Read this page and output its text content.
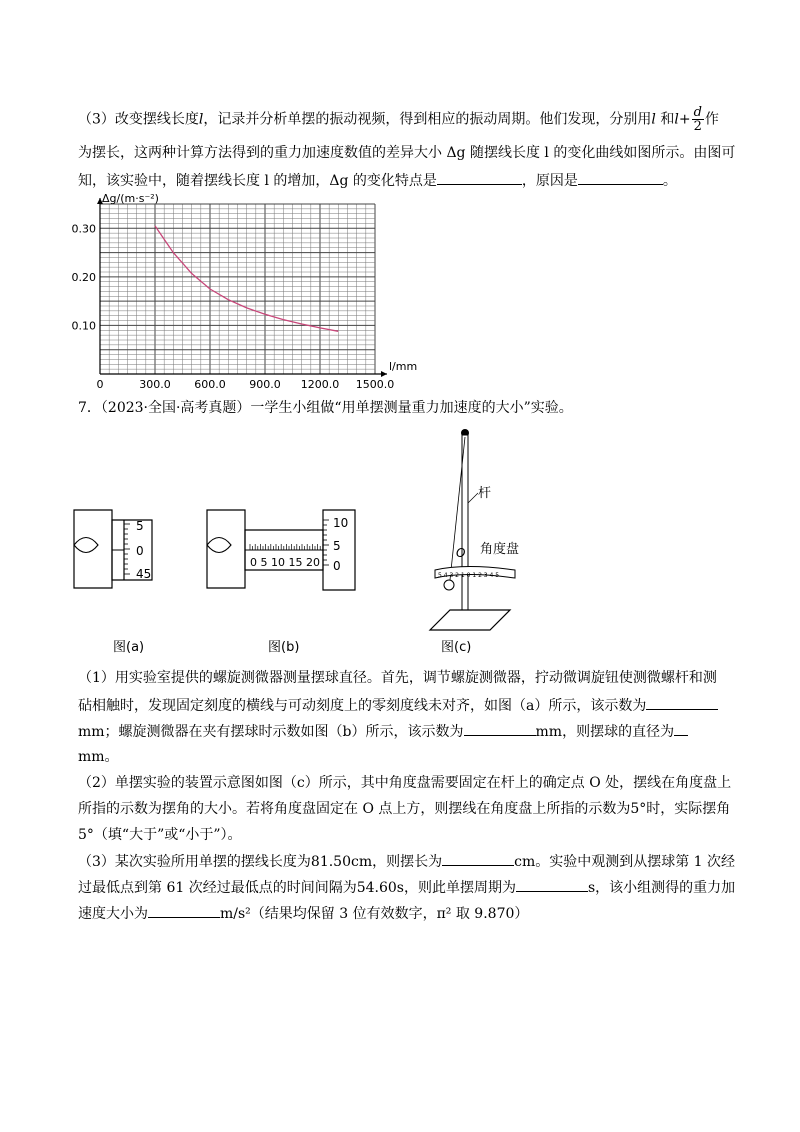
（3）改变摆线长度l，记录并分析单摆的振动视频，得到相应的振动周期。他们发现，分别用l 和$l+ \frac{d}{2}$ 作
为摆长，这两种计算方法得到的重力加速度数值的差异大小 Δg 随摆线长度 l 的变化曲线如图所示。由图可
知，该实验中，随着摆线长度 l 的增加，Δg 的变化特点是	，原因是	。
0	300.0 600.0 900.0 1200.0 1500.0
0.10
0.20
0.30
Δg/(m·s⁻²)
l/mm
7．（2023·全国·高考真题）一学生小组做“用单摆测量重力加速度的大小”实验。
5
0
45
图(a)
0 5 10 15 20
10
5
0
图(b)
杆
O 角度盘
5 4 3 2 1 0 1 2 3 4 5
图(c)
（1）用实验室提供的螺旋测微器测量摆球直径。首先，调节螺旋测微器，拧动微调旋钮使测微螺杆和测
砧相触时，发现固定刻度的横线与可动刻度上的零刻度线未对齐，如图（a）所示，该示数为
mm；螺旋测微器在夹有摆球时示数如图（b）所示，该示数为	mm，则摆球的直径为
mm。
（2）单摆实验的装置示意图如图（c）所示，其中角度盘需要固定在杆上的确定点 O 处，摆线在角度盘上
所指的示数为摆角的大小。若将角度盘固定在 O 点上方，则摆线在角度盘上所指的示数为5°时，实际摆角
5°（填“大于”或“小于”）。
（3）某次实验所用单摆的摆线长度为81.50cm，则摆长为	cm。实验中观测到从摆球第 1 次经
过最低点到第 61 次经过最低点的时间间隔为54.60s，则此单摆周期为	s，该小组测得的重力加
速度大小为	m/s²（结果均保留 3 位有效数字，π² 取 9.870）
